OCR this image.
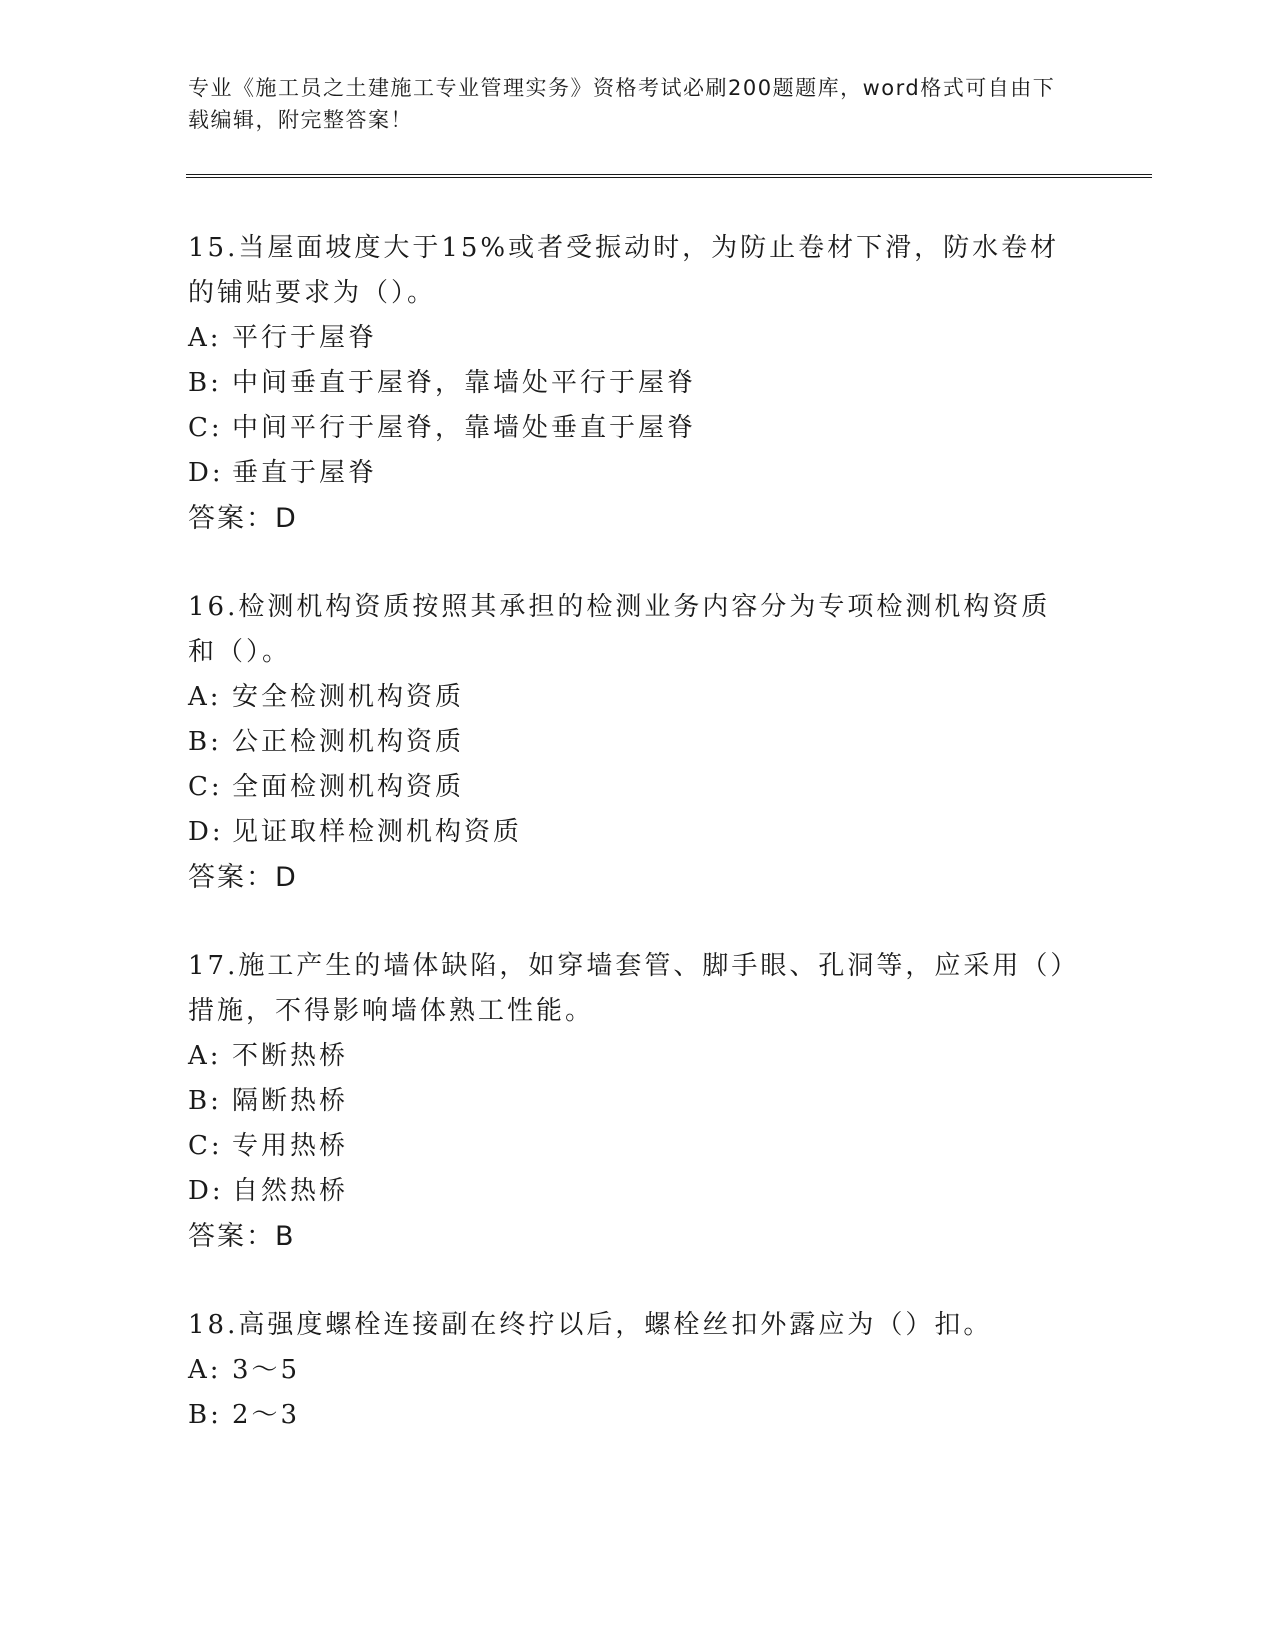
专业《施工员之土建施工专业管理实务》资格考试必刷200题题库，word格式可自由下载编辑，附完整答案！

15.当屋面坡度大于15%或者受振动时，为防止卷材下滑，防水卷材的铺贴要求为（）。

A: 平行于屋脊

B: 中间垂直于屋脊，靠墙处平行于屋脊

C: 中间平行于屋脊，靠墙处垂直于屋脊

D: 垂直于屋脊

答案：D

16.检测机构资质按照其承担的检测业务内容分为专项检测机构资质和（）。

A: 安全检测机构资质

B: 公正检测机构资质

C: 全面检测机构资质

D: 见证取样检测机构资质

答案：D

17.施工产生的墙体缺陷，如穿墙套管、脚手眼、孔洞等，应采用（）措施，不得影响墙体熟工性能。

A: 不断热桥

B: 隔断热桥

C: 专用热桥

D: 自然热桥

答案：B

18.高强度螺栓连接副在终拧以后，螺栓丝扣外露应为（）扣。

A: 3～5

B: 2～3
